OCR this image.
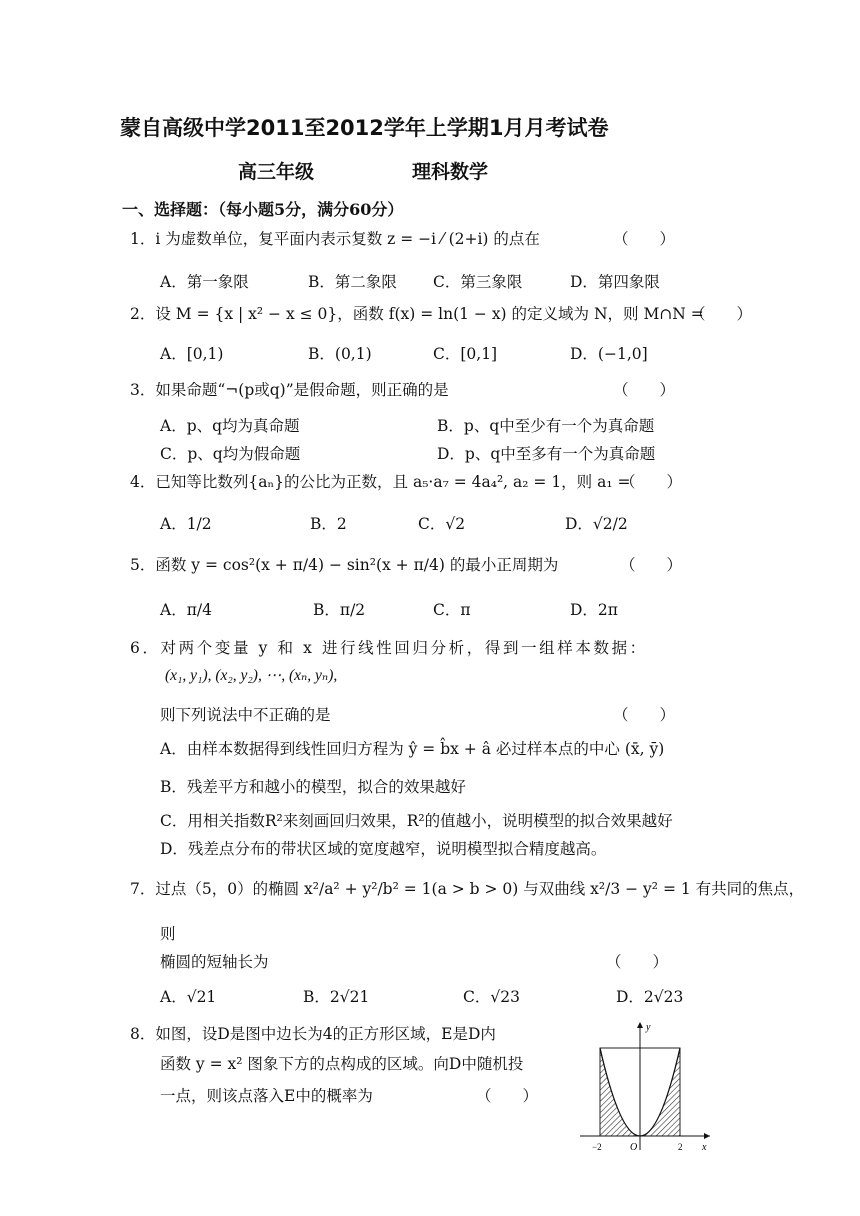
蒙自高级中学2011至2012学年上学期1月月考试卷
高三年级	理科数学
一、选择题：（每小题5分，满分60分）
1．i 为虚数单位，复平面内表示复数 z = −i ⁄ (2+i) 的点在	（　　）
A．第一象限	B．第二象限 C．第三象限	D．第四象限
2．设 M = {x | x² − x ≤ 0}，函数 f(x) = ln(1 − x) 的定义域为 N，则 M∩N =
（　　）
A．[0,1)	B．(0,1)	C．[0,1]	D．(−1,0]
3．如果命题“¬(p或q)”是假命题，则正确的是	（　　）
A．p、q均为真命题	B．p、q中至少有一个为真命题
C．p、q均为假命题	D．p、q中至多有一个为真命题
4．已知等比数列{aₙ}的公比为正数，且 a₅·a₇ = 4a₄², a₂ = 1，则 a₁ =
（　　）
A．1/2	B．2	C．√2	D．√2/2
5．函数 y = cos²(x + π/4) − sin²(x + π/4) 的最小正周期为	（　　）
A．π/4	B．π/2	C．π	D．2π
6．对两个变量 y 和 x 进行线性回归分析，得到一组样本数据：
(x₁, y₁), (x₂, y₂), ⋯, (xₙ, yₙ),
则下列说法中不正确的是	（　　）
A．由样本数据得到线性回归方程为 ŷ = b̂x + â 必过样本点的中心 (x̄, ȳ)
B．残差平方和越小的模型，拟合的效果越好
C．用相关指数R²来刻画回归效果，R²的值越小，说明模型的拟合效果越好
D．残差点分布的带状区域的宽度越窄，说明模型拟合精度越高。
7．过点（5，0）的椭圆 x²/a² + y²/b² = 1(a > b > 0) 与双曲线 x²/3 − y² = 1 有共同的焦点，
则
椭圆的短轴长为	（　　）
A．√21	B．2√21	C．√23	D．2√23
8．如图，设D是图中边长为4的正方形区域，E是D内
函数 y = x² 图象下方的点构成的区域。向D中随机投
一点，则该点落入E中的概率为	（　　）
y
x
O
−2	2
